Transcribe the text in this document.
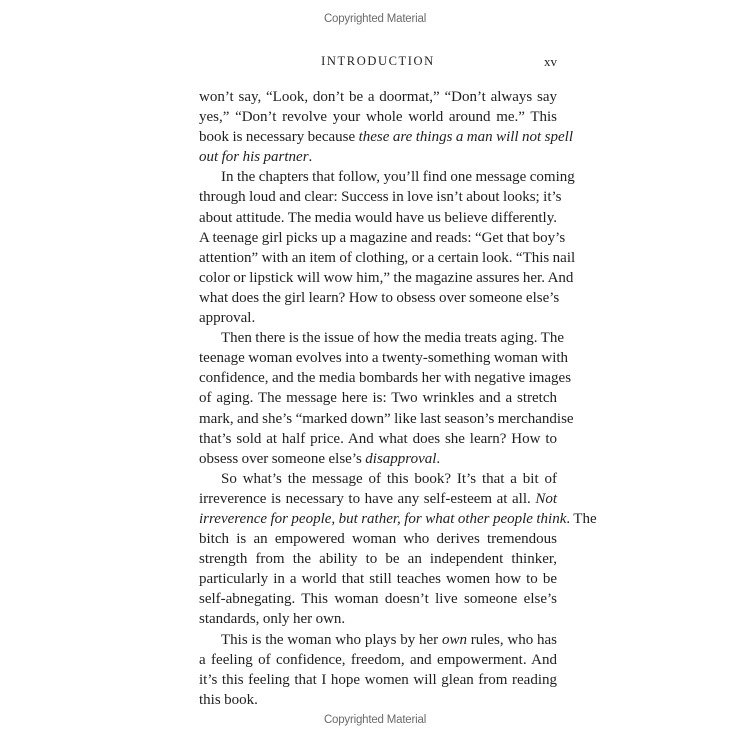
Copyrighted Material
INTRODUCTION	xv
won’t say, “Look, don’t be a doormat,” “Don’t always say
yes,” “Don’t revolve your whole world around me.” This
book is necessary because these are things a man will not spell
out for his partner.
In the chapters that follow, you’ll find one message coming
through loud and clear: Success in love isn’t about looks; it’s
about attitude. The media would have us believe differently.
A teenage girl picks up a magazine and reads: “Get that boy’s
attention” with an item of clothing, or a certain look. “This nail
color or lipstick will wow him,” the magazine assures her. And
what does the girl learn? How to obsess over someone else’s
approval.
Then there is the issue of how the media treats aging. The
teenage woman evolves into a twenty-something woman with
confidence, and the media bombards her with negative images
of aging. The message here is: Two wrinkles and a stretch
mark, and she’s “marked down” like last season’s merchandise
that’s sold at half price. And what does she learn? How to
obsess over someone else’s disapproval.
So what’s the message of this book? It’s that a bit of
irreverence is necessary to have any self-esteem at all. Not
irreverence for people, but rather, for what other people think. The
bitch is an empowered woman who derives tremendous
strength from the ability to be an independent thinker,
particularly in a world that still teaches women how to be
self-abnegating. This woman doesn’t live someone else’s
standards, only her own.
This is the woman who plays by her own rules, who has
a feeling of confidence, freedom, and empowerment. And
it’s this feeling that I hope women will glean from reading
this book.
Copyrighted Material
